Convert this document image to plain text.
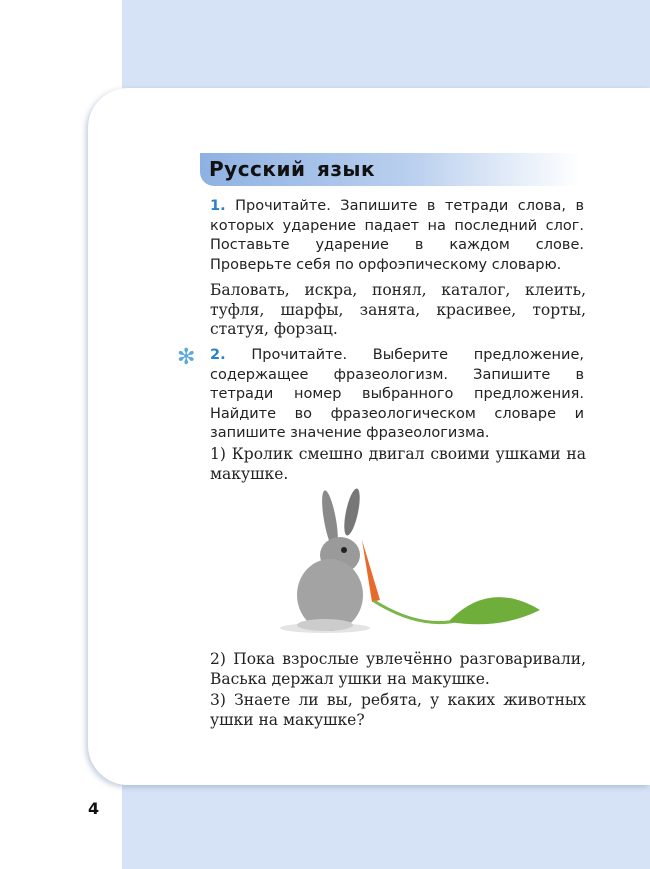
Русский язык
1. Прочитайте. Запишите в тетради слова, в которых ударение падает на последний слог. Поставьте ударение в каждом слове. Проверьте себя по орфоэпическому словарю.
Баловать, искра, понял, каталог, клеить, туфля, шарфы, занята, красивее, торты, статуя, форзац.
✻ 2. Прочитайте. Выберите предложение, содержащее фразеологизм. Запишите в тетради номер выбранного предложения. Найдите во фразеологическом словаре и запишите значение фразеологизма.
1) Кролик смешно двигал своими ушками на макушке.
2) Пока взрослые увлечённо разговаривали, Васька держал ушки на макушке.
3) Знаете ли вы, ребята, у каких животных ушки на макушке?
4
